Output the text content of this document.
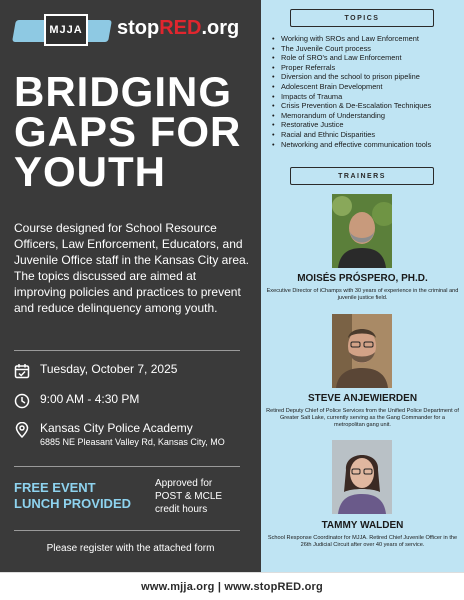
MJJA stopRED.org
BRIDGING
GAPS FOR
YOUTH

Course designed for School Resource Officers, Law Enforcement, Educators, and Juvenile Office staff in the Kansas City area. The topics discussed are aimed at improving policies and practices to prevent and reduce delinquency among youth.

Tuesday, October 7, 2025
9:00 AM - 4:30 PM
Kansas City Police Academy
6885 NE Pleasant Valley Rd, Kansas City, MO
FREE EVENT
LUNCH PROVIDED
Approved for
POST & MCLE
credit hours
Please register with the attached form
TOPICS
• Working with SROs and Law Enforcement
• The Juvenile Court process
• Role of SRO's and Law Enforcement
• Proper Referrals
• Diversion and the school to prison pipeline
• Adolescent Brain Development
• Impacts of Trauma
• Crisis Prevention & De-Escalation Techniques
• Memorandum of Understanding
• Restorative Justice
• Racial and Ethnic Disparities
• Networking and effective communication tools
TRAINERS
MOISÉS PRÓSPERO, PH.D.
Executive Director of iChamps with 30 years of experience in the criminal and juvenile justice field.
STEVE ANJEWIERDEN
Retired Deputy Chief of Police Services from the Unified Police Department of Greater Salt Lake, currently serving as the Gang Commander for a metropolitan gang unit.
TAMMY WALDEN
School Response Coordinator for MJJA. Retired Chief Juvenile Officer in the 26th Judicial Circuit after over 40 years of service.
www.mjja.org | www.stopRED.org
